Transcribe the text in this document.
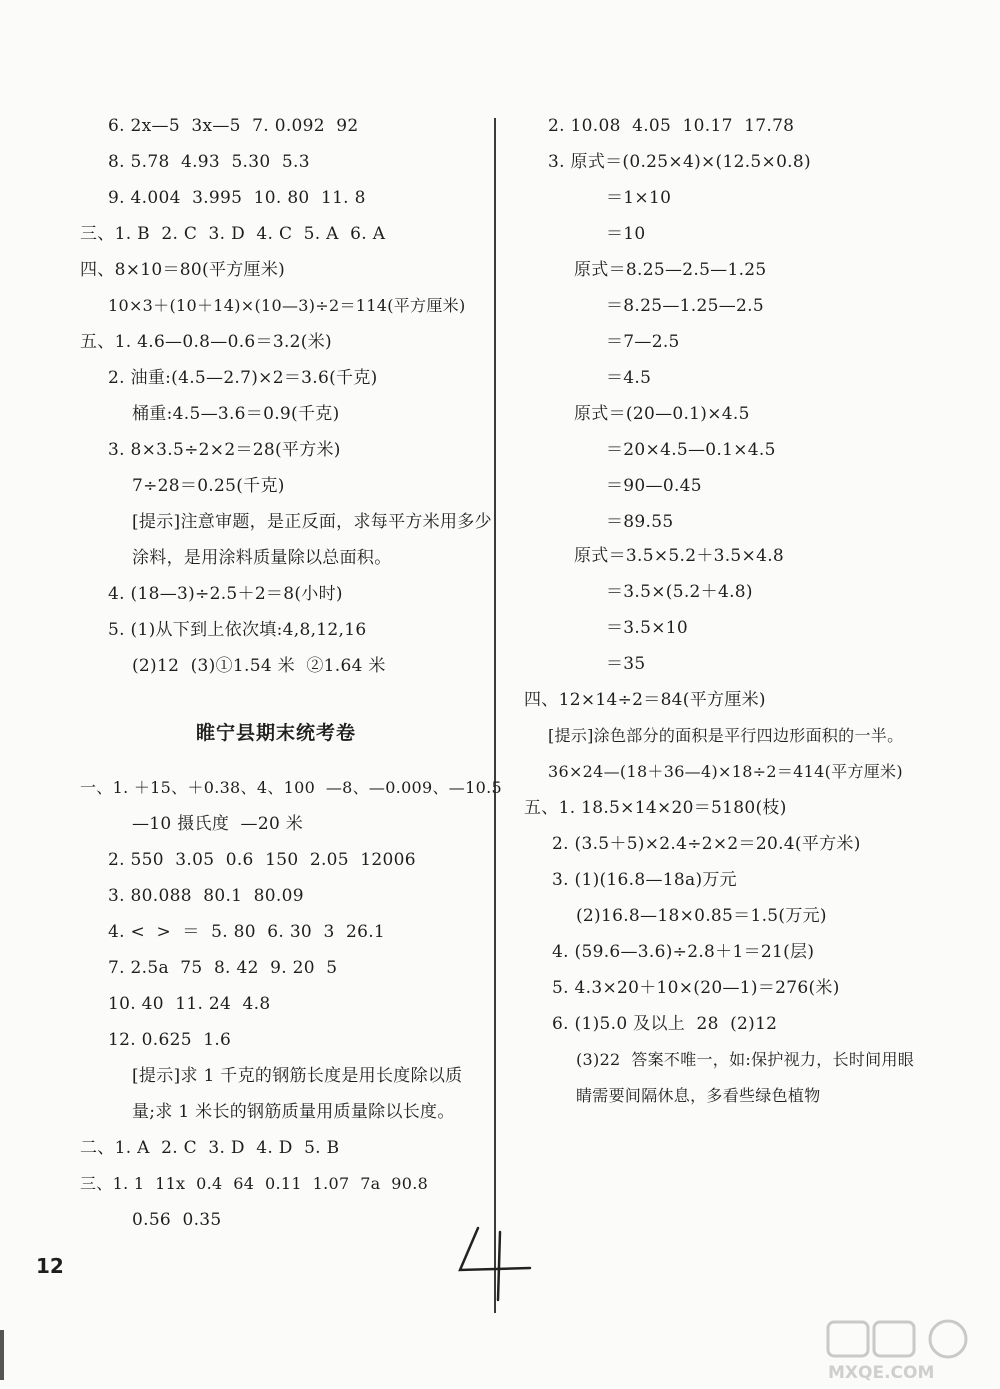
6. 2x—5  3x—5  7. 0.092  92
8. 5.78  4.93  5.30  5.3
9. 4.004  3.995  10. 80  11. 8
三、1. B  2. C  3. D  4. C  5. A  6. A
四、8×10＝80(平方厘米)
10×3＋(10＋14)×(10—3)÷2＝114(平方厘米)
五、1. 4.6—0.8—0.6＝3.2(米)
2. 油重:(4.5—2.7)×2＝3.6(千克)
桶重:4.5—3.6＝0.9(千克)
3. 8×3.5÷2×2＝28(平方米)
7÷28＝0.25(千克)
[提示]注意审题，是正反面，求每平方米用多少
涂料，是用涂料质量除以总面积。
4. (18—3)÷2.5＋2＝8(小时)
5. (1)从下到上依次填:4,8,12,16
(2)12  (3)①1.54 米  ②1.64 米
睢宁县期末统考卷
一、1. ＋15、＋0.38、4、100  —8、—0.009、—10.5
—10 摄氏度  —20 米
2. 550  3.05  0.6  150  2.05  12006
3. 80.088  80.1  80.09
4. <  >  ＝  5. 80  6. 30  3  26.1
7. 2.5a  75  8. 42  9. 20  5
10. 40  11. 24  4.8
12. 0.625  1.6
[提示]求 1 千克的钢筋长度是用长度除以质
量;求 1 米长的钢筋质量用质量除以长度。
二、1. A  2. C  3. D  4. D  5. B
三、1. 1  11x  0.4  64  0.11  1.07  7a  90.8
0.56  0.35
2. 10.08  4.05  10.17  17.78
3. 原式＝(0.25×4)×(12.5×0.8)
＝1×10
＝10
原式＝8.25—2.5—1.25
＝8.25—1.25—2.5
＝7—2.5
＝4.5
原式＝(20—0.1)×4.5
＝20×4.5—0.1×4.5
＝90—0.45
＝89.55
原式＝3.5×5.2＋3.5×4.8
＝3.5×(5.2＋4.8)
＝3.5×10
＝35
四、12×14÷2＝84(平方厘米)
[提示]涂色部分的面积是平行四边形面积的一半。
36×24—(18＋36—4)×18÷2＝414(平方厘米)
五、1. 18.5×14×20＝5180(枝)
2. (3.5＋5)×2.4÷2×2＝20.4(平方米)
3. (1)(16.8—18a)万元
(2)16.8—18×0.85＝1.5(万元)
4. (59.6—3.6)÷2.8＋1＝21(层)
5. 4.3×20＋10×(20—1)＝276(米)
6. (1)5.0 及以上  28  (2)12
(3)22  答案不唯一，如:保护视力，长时间用眼
睛需要间隔休息，多看些绿色植物
12
MXQE.COM
